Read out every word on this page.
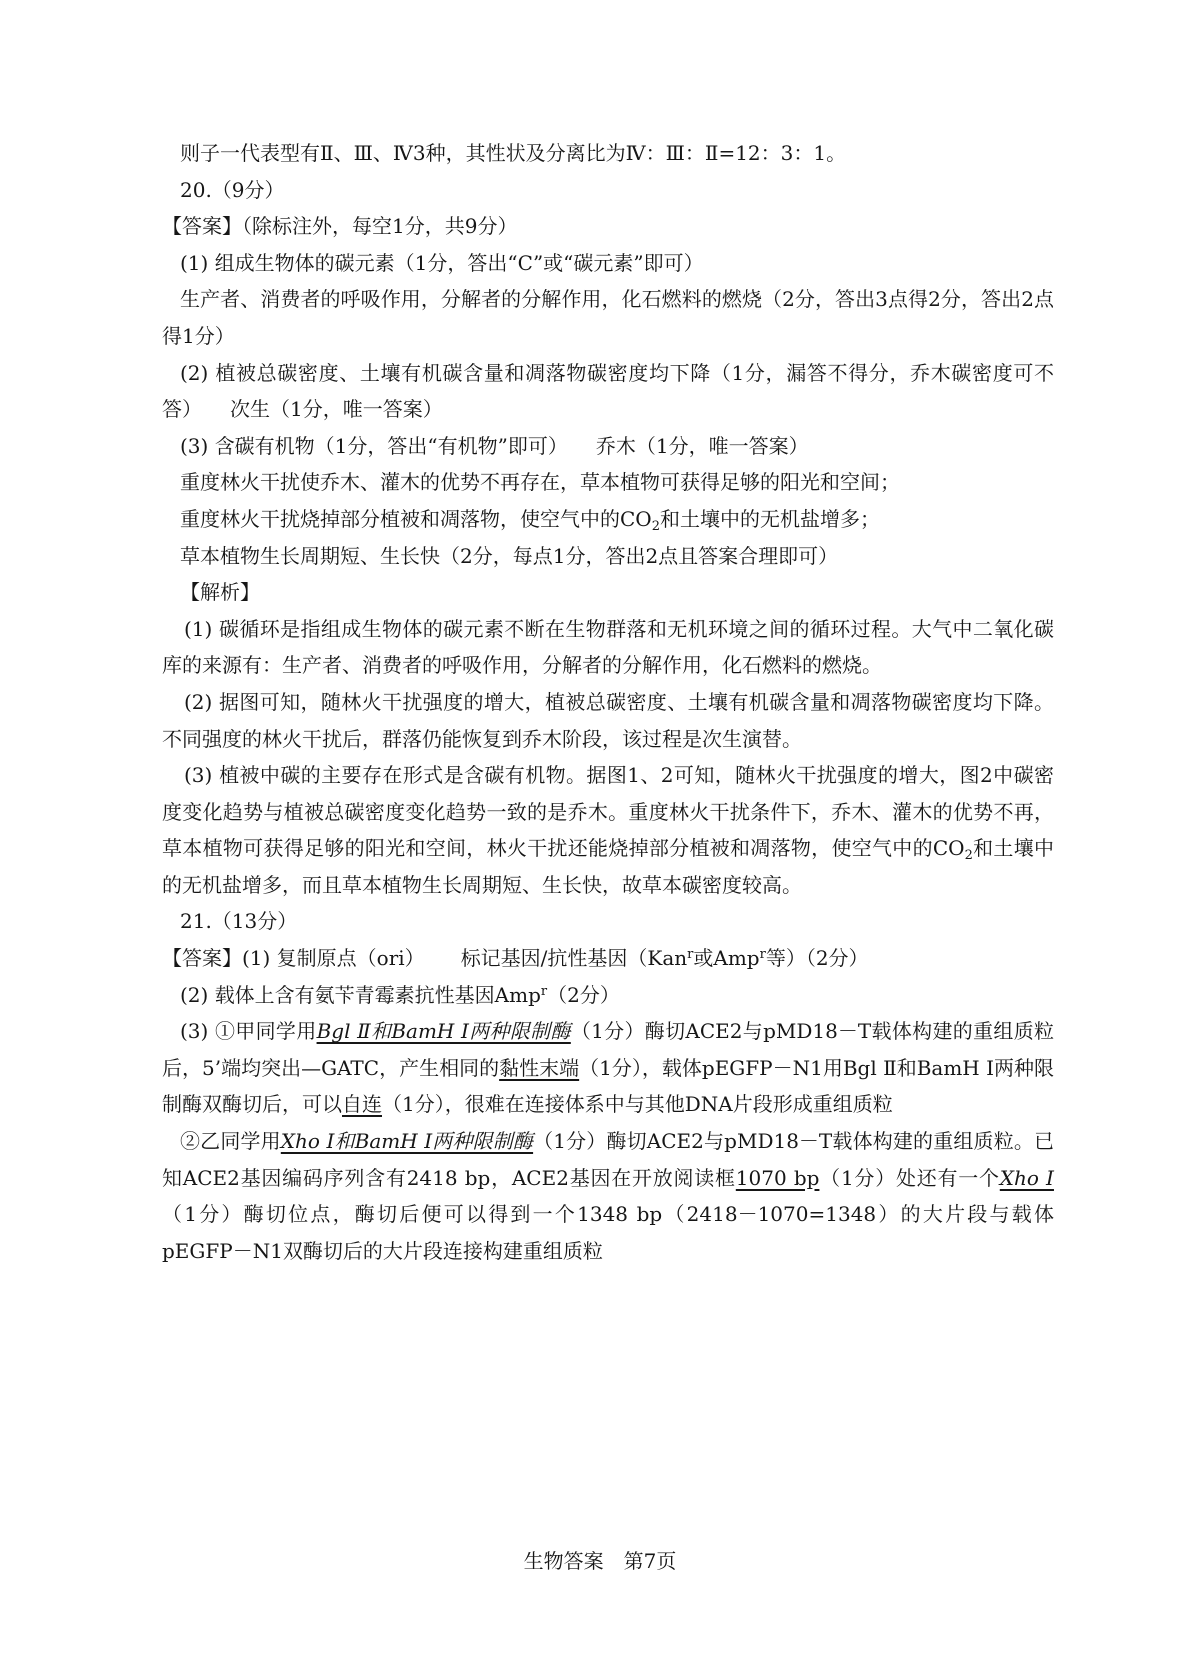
则子一代表型有Ⅱ、Ⅲ、Ⅳ3种，其性状及分离比为Ⅳ：Ⅲ：Ⅱ=12：3：1。

20.（9分）

【答案】（除标注外，每空1分，共9分）

(1) 组成生物体的碳元素（1分，答出“C”或“碳元素”即可）

生产者、消费者的呼吸作用，分解者的分解作用，化石燃料的燃烧（2分，答出3点得2分，答出2点得1分）

(2) 植被总碳密度、土壤有机碳含量和凋落物碳密度均下降（1分，漏答不得分，乔木碳密度可不答） 次生（1分，唯一答案）

(3) 含碳有机物（1分，答出“有机物”即可） 乔木（1分，唯一答案）

重度林火干扰使乔木、灌木的优势不再存在，草本植物可获得足够的阳光和空间；

重度林火干扰烧掉部分植被和凋落物，使空气中的$CO_2$和土壤中的无机盐增多；

草本植物生长周期短、生长快（2分，每点1分，答出2点且答案合理即可）

【解析】

(1) 碳循环是指组成生物体的碳元素不断在生物群落和无机环境之间的循环过程。大气中二氧化碳库的来源有：生产者、消费者的呼吸作用，分解者的分解作用，化石燃料的燃烧。

(2) 据图可知，随林火干扰强度的增大，植被总碳密度、土壤有机碳含量和凋落物碳密度均下降。不同强度的林火干扰后，群落仍能恢复到乔木阶段，该过程是次生演替。

(3) 植被中碳的主要存在形式是含碳有机物。据图1、2可知，随林火干扰强度的增大，图2中碳密度变化趋势与植被总碳密度变化趋势一致的是乔木。重度林火干扰条件下，乔木、灌木的优势不再，草本植物可获得足够的阳光和空间，林火干扰还能烧掉部分植被和凋落物，使空气中的$CO_2$和土壤中的无机盐增多，而且草本植物生长周期短、生长快，故草本碳密度较高。

21.（13分）

【答案】(1) 复制原点（ori） 标记基因/抗性基因（Kan$^r$或Amp$^r$等）（2分）

(2) 载体上含有氨苄青霉素抗性基因Amp$^r$（2分）

(3) ①甲同学用Bgl Ⅱ和BamH Ⅰ两种限制酶（1分）酶切ACE2与pMD18－T载体构建的重组质粒后，5’端均突出—GATC，产生相同的黏性末端（1分），载体pEGFP－N1用Bgl Ⅱ和BamH Ⅰ两种限制酶双酶切后，可以自连（1分），很难在连接体系中与其他DNA片段形成重组质粒

②乙同学用Xho Ⅰ和BamH Ⅰ两种限制酶（1分）酶切ACE2与pMD18－T载体构建的重组质粒。已知ACE2基因编码序列含有2418 bp，ACE2基因在开放阅读框1070 bp（1分）处还有一个Xho Ⅰ（1分）酶切位点，酶切后便可以得到一个1348 bp（2418－1070=1348）的大片段与载体pEGFP－N1双酶切后的大片段连接构建重组质粒

生物答案　第7页
